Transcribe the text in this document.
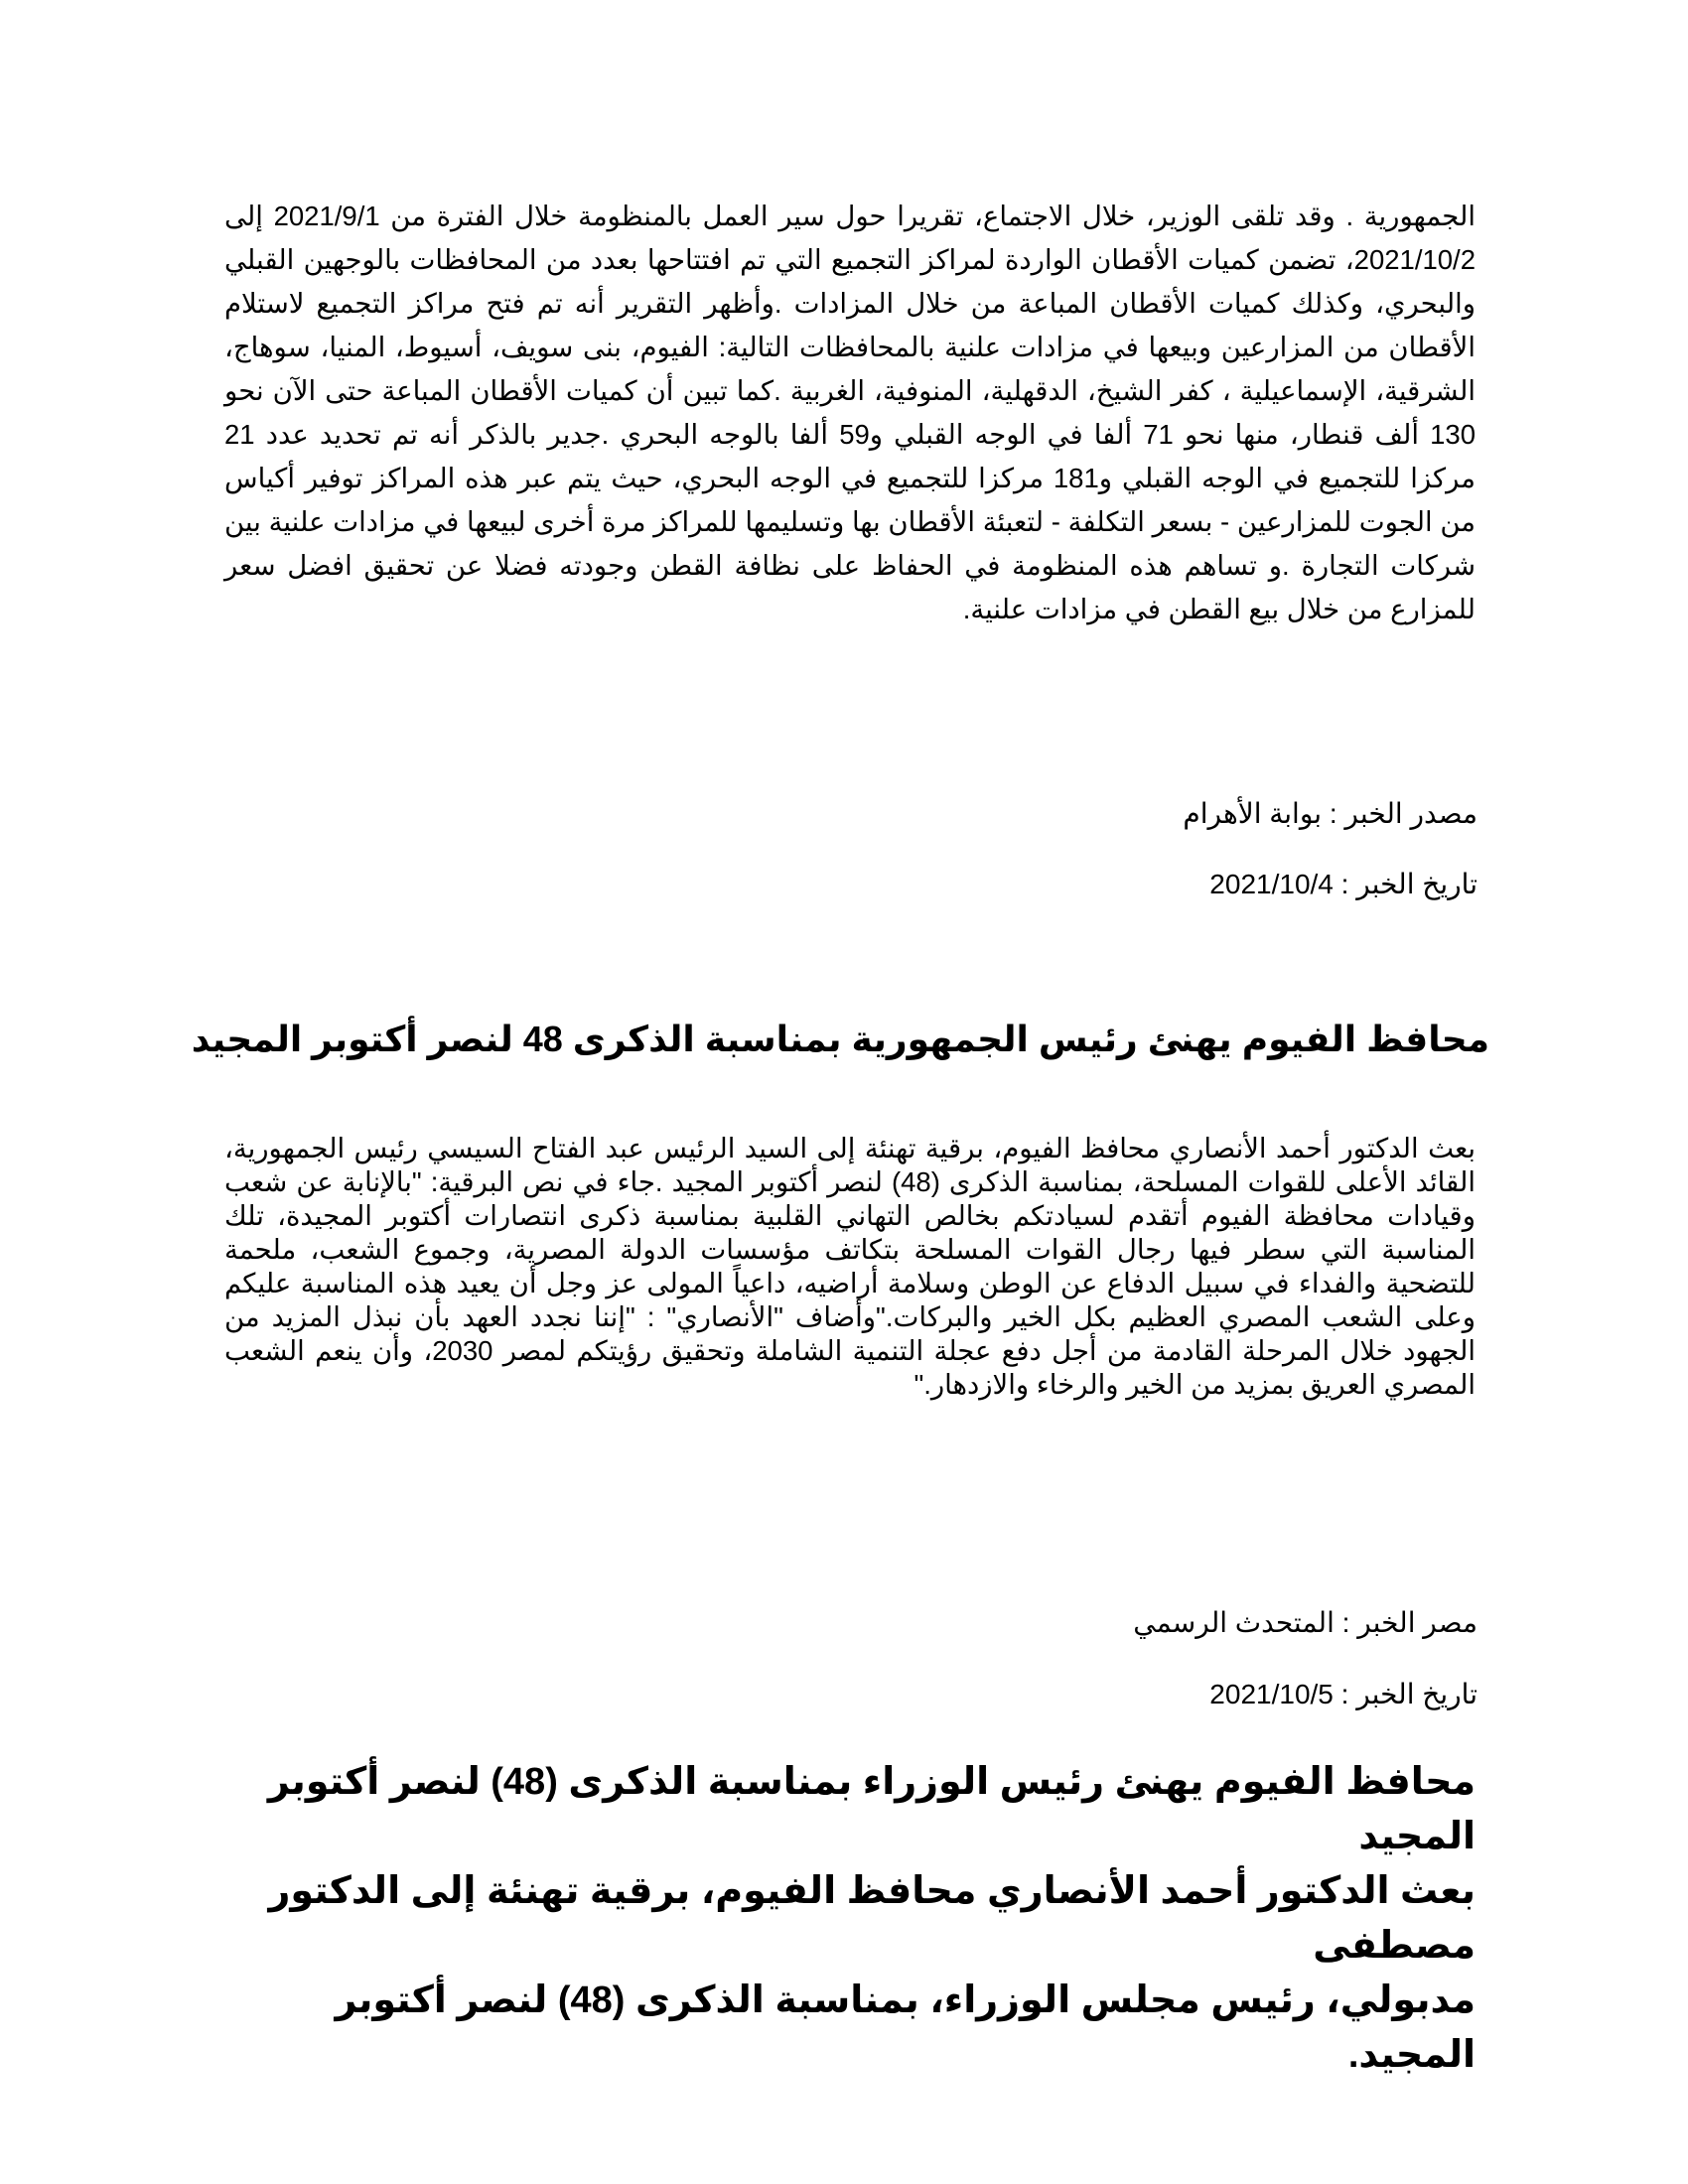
الجمهورية . وقد تلقى الوزير، خلال الاجتماع، تقريرا حول سير العمل بالمنظومة خلال الفترة من 2021/9/1 إلى 2021/10/2، تضمن كميات الأقطان الواردة لمراكز التجميع التي تم افتتاحها بعدد من المحافظات بالوجهين القبلي والبحري، وكذلك كميات الأقطان المباعة من خلال المزادات .وأظهر التقرير أنه تم فتح مراكز التجميع لاستلام الأقطان من المزارعين وبيعها في مزادات علنية بالمحافظات التالية: الفيوم، بنى سويف، أسيوط، المنيا، سوهاج، الشرقية، الإسماعيلية ، كفر الشيخ، الدقهلية، المنوفية، الغربية .كما تبين أن كميات الأقطان المباعة حتى الآن نحو 130 ألف قنطار، منها نحو 71 ألفا في الوجه القبلي و59 ألفا بالوجه البحري .جدير بالذكر أنه تم تحديد عدد 21 مركزا للتجميع في الوجه القبلي و181 مركزا للتجميع في الوجه البحري، حيث يتم عبر هذه المراكز توفير أكياس من الجوت للمزارعين - بسعر التكلفة - لتعبئة الأقطان بها وتسليمها للمراكز مرة أخرى لبيعها في مزادات علنية بين شركات التجارة .و تساهم هذه المنظومة في الحفاظ على نظافة القطن وجودته فضلا عن تحقيق افضل سعر للمزارع من خلال بيع القطن في مزادات علنية.

مصدر الخبر : بوابة الأهرام
تاريخ الخبر : 2021/10/4
محافظ الفيوم يهنئ رئيس الجمهورية بمناسبة الذكرى 48 لنصر أكتوبر المجيد

بعث الدكتور أحمد الأنصاري محافظ الفيوم، برقية تهنئة إلى السيد الرئيس عبد الفتاح السيسي رئيس الجمهورية، القائد الأعلى للقوات المسلحة، بمناسبة الذكرى (48) لنصر أكتوبر المجيد .جاء في نص البرقية: "بالإنابة عن شعب وقيادات محافظة الفيوم أتقدم لسيادتكم بخالص التهاني القلبية بمناسبة ذكرى انتصارات أكتوبر المجيدة، تلك المناسبة التي سطر فيها رجال القوات المسلحة بتكاتف مؤسسات الدولة المصرية، وجموع الشعب، ملحمة للتضحية والفداء في سبيل الدفاع عن الوطن وسلامة أراضيه، داعياً المولى عز وجل أن يعيد هذه المناسبة عليكم وعلى الشعب المصري العظيم بكل الخير والبركات."وأضاف "الأنصاري" : "إننا نجدد العهد بأن نبذل المزيد من الجهود خلال المرحلة القادمة من أجل دفع عجلة التنمية الشاملة وتحقيق رؤيتكم لمصر 2030، وأن ينعم الشعب المصري العريق بمزيد من الخير والرخاء والازدهار."

مصر الخبر : المتحدث الرسمي
تاريخ الخبر : 2021/10/5
محافظ الفيوم يهنئ رئيس الوزراء بمناسبة الذكرى (48) لنصر أكتوبر المجيد
بعث الدكتور أحمد الأنصاري محافظ الفيوم، برقية تهنئة إلى الدكتور مصطفى
مدبولي، رئيس مجلس الوزراء، بمناسبة الذكرى (48) لنصر أكتوبر المجيد.
